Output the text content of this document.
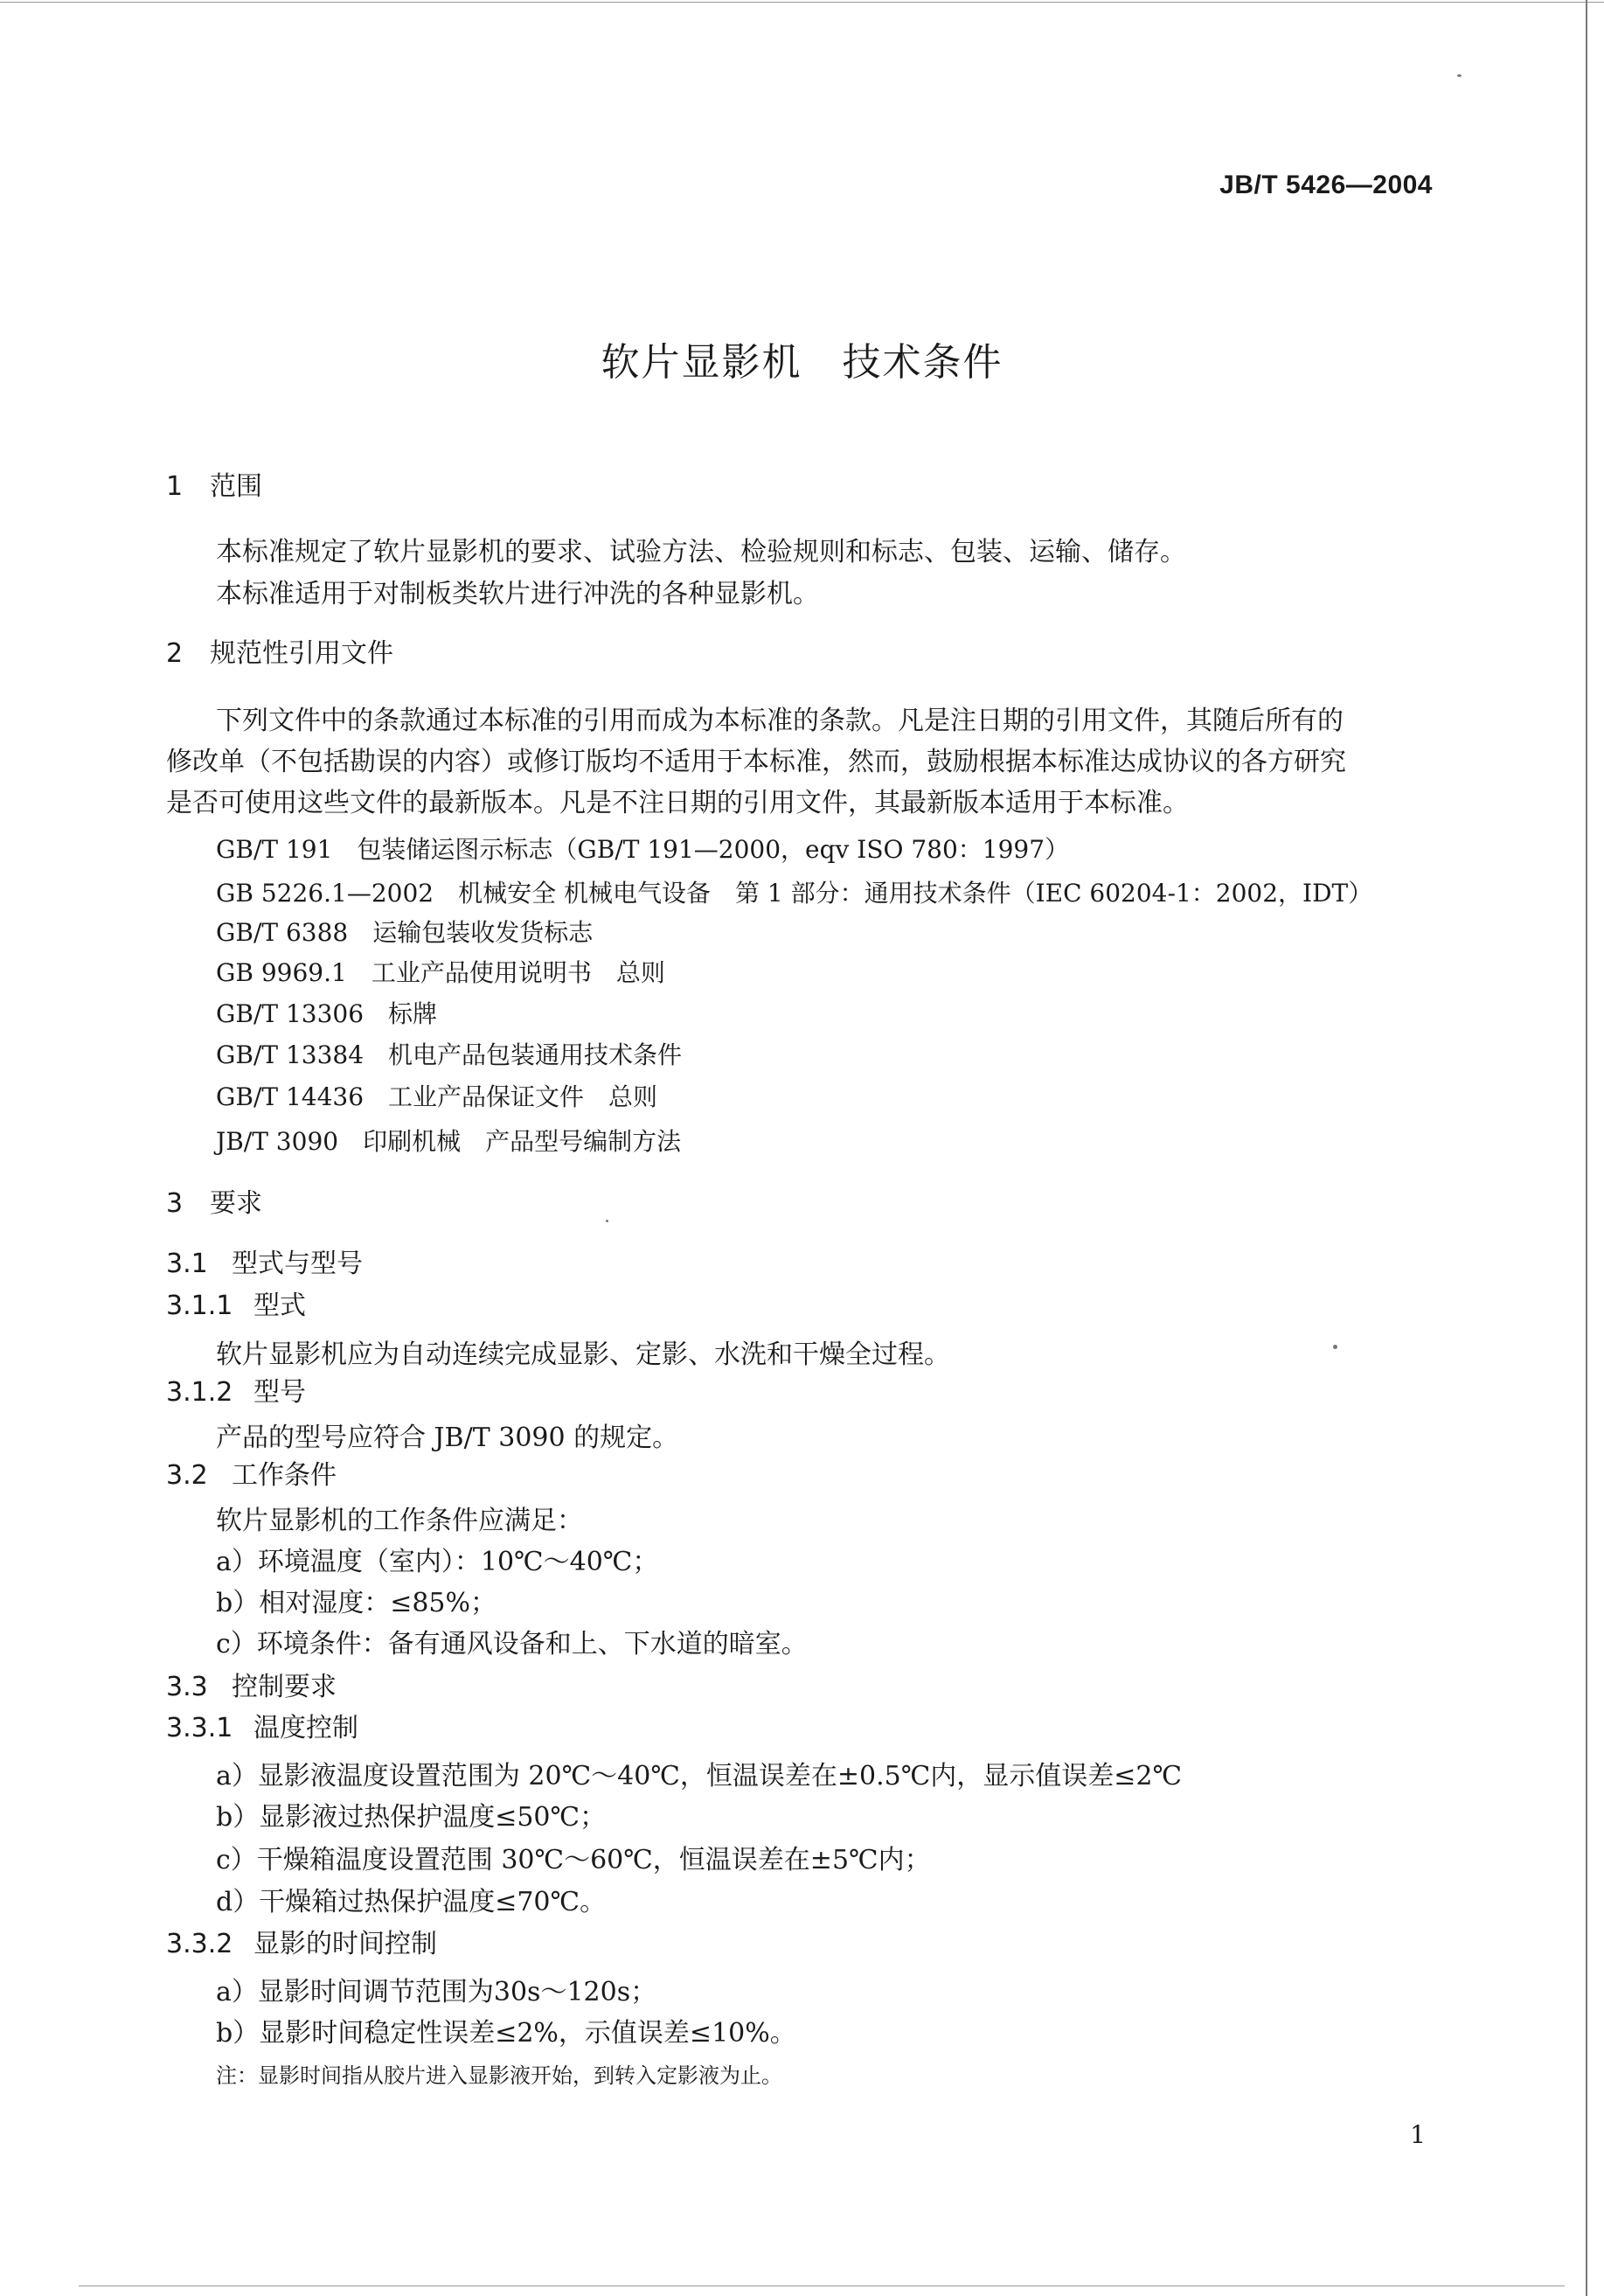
JB/T 5426—2004
软片显影机　技术条件
1 范围
本标准规定了软片显影机的要求、试验方法、检验规则和标志、包装、运输、储存。
本标准适用于对制板类软片进行冲洗的各种显影机。
2 规范性引用文件
下列文件中的条款通过本标准的引用而成为本标准的条款。凡是注日期的引用文件，其随后所有的
修改单（不包括勘误的内容）或修订版均不适用于本标准，然而，鼓励根据本标准达成协议的各方研究
是否可使用这些文件的最新版本。凡是不注日期的引用文件，其最新版本适用于本标准。
GB/T 191　包装储运图示标志（GB/T 191—2000，eqv ISO 780：1997）
GB 5226.1—2002　机械安全 机械电气设备　第 1 部分：通用技术条件（IEC 60204-1：2002，IDT）
GB/T 6388　运输包装收发货标志
GB 9969.1　工业产品使用说明书　总则
GB/T 13306　标牌
GB/T 13384　机电产品包装通用技术条件
GB/T 14436　工业产品保证文件　总则
JB/T 3090　印刷机械　产品型号编制方法
3 要求
3.1 型式与型号
3.1.1 型式
软片显影机应为自动连续完成显影、定影、水洗和干燥全过程。
3.1.2 型号
产品的型号应符合 JB/T 3090 的规定。
3.2 工作条件
软片显影机的工作条件应满足：
a）环境温度（室内）：10℃～40℃；
b）相对湿度：≤85%；
c）环境条件：备有通风设备和上、下水道的暗室。
3.3 控制要求
3.3.1 温度控制
a）显影液温度设置范围为 20℃～40℃，恒温误差在±0.5℃内，显示值误差≤2℃
b）显影液过热保护温度≤50℃；
c）干燥箱温度设置范围 30℃～60℃，恒温误差在±5℃内；
d）干燥箱过热保护温度≤70℃。
3.3.2 显影的时间控制
a）显影时间调节范围为30s～120s；
b）显影时间稳定性误差≤2%，示值误差≤10%。
注：显影时间指从胶片进入显影液开始，到转入定影液为止。
1
